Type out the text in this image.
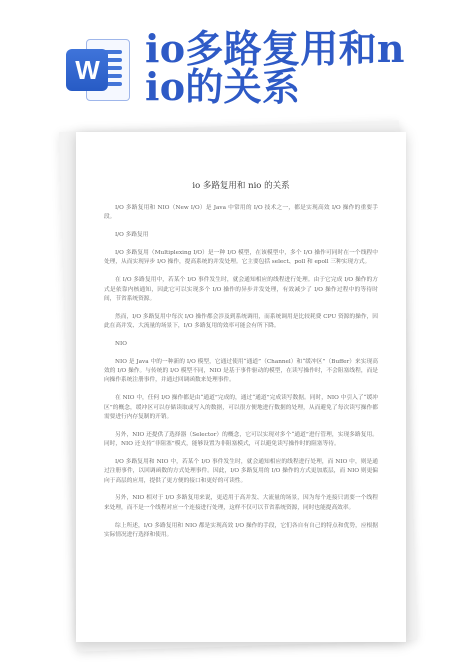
W io多路复用和n
io的关系
io 多路复用和 nio 的关系

I/O 多路复用和 NIO（New I/O）是 Java 中常用的 I/O 技术之一，都是实现高效 I/O 操作的重要手段。

I/O 多路复用

I/O 多路复用（Multiplexing I/O）是一种 I/O 模型，在该模型中，多个 I/O 操作可同时在一个线程中处理，从而实现异步 I/O 操作，提高系统的并发处理。它主要包括 select、poll 和 epoll 三种实现方式。

在 I/O 多路复用中，若某个 I/O 事件发生时，就会通知相应的线程进行处理。由于它完成 I/O 操作的方式是依靠内核通知，因此它可以实现多个 I/O 操作的异步并发处理，有效减少了 I/O 操作过程中的等待时间，节省系统资源。

然而，I/O 多路复用中每次 I/O 操作都会涉及到系统调用，而系统调用是比较耗费 CPU 资源的操作，因此在高并发、大流量的场景下，I/O 多路复用的效率可能会有所下降。

NIO

NIO 是 Java 中的一种新的 I/O 模型，它通过使用“通道”（Channel）和“缓冲区”（Buffer）来实现高效的 I/O 操作。与传统的 I/O 模型不同，NIO 是基于事件驱动的模型，在读写操作时，不会阻塞线程，而是向操作系统注册事件，并通过回调函数来处理事件。

在 NIO 中，任何 I/O 操作都是由“通道”完成的，通过“通道”完成读写数据。同时，NIO 中引入了“缓冲区”的概念，缓冲区可以存储读取或写入的数据，可以很方便地进行数据的处理，从而避免了每次读写操作都需要进行内存复制的开销。

另外，NIO 还提供了选择器（Selector）的概念，它可以实现对多个“通道”进行管理，实现多路复用。同时，NIO 还支持“非阻塞”模式，能够设置为非阻塞模式，可以避免读写操作时的阻塞等待。

I/O 多路复用和 NIO 中，若某个 I/O 事件发生时，就会通知相应的线程进行处理，而 NIO 中，则是通过注册事件，以回调函数的方式处理事件。因此，I/O 多路复用的 I/O 操作的方式更加底层，而 NIO 则更偏向于高层的应用，提供了更方便的接口和更好的可读性。

另外，NIO 相对于 I/O 多路复用来说，更适用于高并发、大流量的场景，因为每个连接只需要一个线程来处理，而不是一个线程对应一个连接进行处理，这样不仅可以节省系统资源，同时也能提高效率。

综上所述，I/O 多路复用和 NIO 都是实现高效 I/O 操作的手段，它们各自有自己的特点和优势，应根据实际情况进行选择和使用。
